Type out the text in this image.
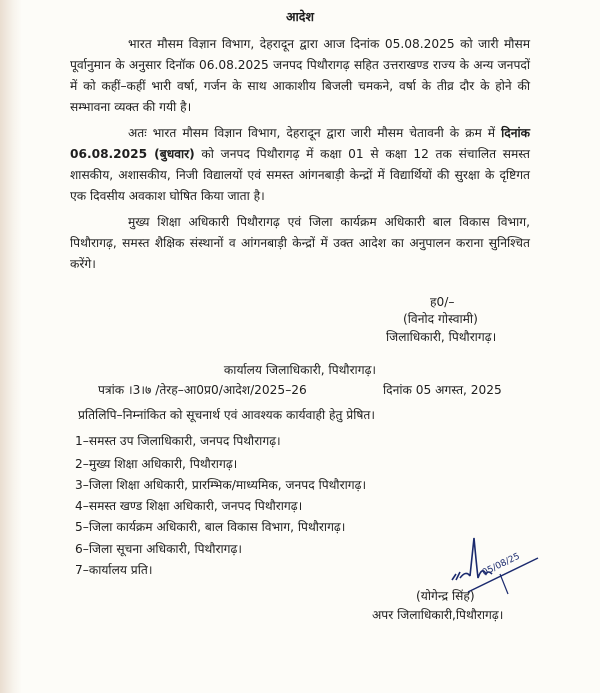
आदेश
भारत मौसम विज्ञान विभाग, देहरादून द्वारा आज दिनांक 05.08.2025 को जारी मौसम पूर्वानुमान के अनुसार दिनॉक 06.08.2025 जनपद पिथौरागढ़ सहित उत्तराखण्ड राज्य के अन्य जनपदों में को कहीं–कहीं भारी वर्षा, गर्जन के साथ आकाशीय बिजली चमकने, वर्षा के तीव्र दौर के होने की सम्भावना व्यक्त की गयी है।
अतः भारत मौसम विज्ञान विभाग, देहरादून द्वारा जारी मौसम चेतावनी के क्रम में दिनांक 06.08.2025 (बुधवार) को जनपद पिथौरागढ़ में कक्षा 01 से कक्षा 12 तक संचालित समस्त शासकीय, अशासकीय, निजी विद्यालयों एवं समस्त आंगनबाड़ी केन्द्रों में विद्यार्थियों की सुरक्षा के दृष्टिगत एक दिवसीय अवकाश घोषित किया जाता है।
मुख्य शिक्षा अधिकारी पिथौरागढ़ एवं जिला कार्यक्रम अधिकारी बाल विकास विभाग, पिथौरागढ़, समस्त शैक्षिक संस्थानों व आंगनबाड़ी केन्द्रों में उक्त आदेश का अनुपालन कराना सुनिश्चित करेंगे।
ह0/–
(विनोद गोस्वामी)
जिलाधिकारी, पिथौरागढ़।
कार्यालय जिलाधिकारी, पिथौरागढ़।
पत्रांक ।3।७ /तेरह–आ0प्र0/आदेश/2025–26	दिनांक 05 अगस्त, 2025
प्रतिलिपि–निम्नांकित को सूचनार्थ एवं आवश्यक कार्यवाही हेतु प्रेषित।
1–समस्त उप जिलाधिकारी, जनपद पिथौरागढ़।
2–मुख्य शिक्षा अधिकारी, पिथौरागढ़।
3–जिला शिक्षा अधिकारी, प्रारम्भिक/माध्यमिक, जनपद पिथौरागढ़।
4–समस्त खण्ड शिक्षा अधिकारी, जनपद पिथौरागढ़।
5–जिला कार्यक्रम अधिकारी, बाल विकास विभाग, पिथौरागढ़।
6–जिला सूचना अधिकारी, पिथौरागढ़।
7–कार्यालय प्रति।	05/08/25
(योगेन्द्र सिंह)
अपर जिलाधिकारी,पिथौरागढ़।
